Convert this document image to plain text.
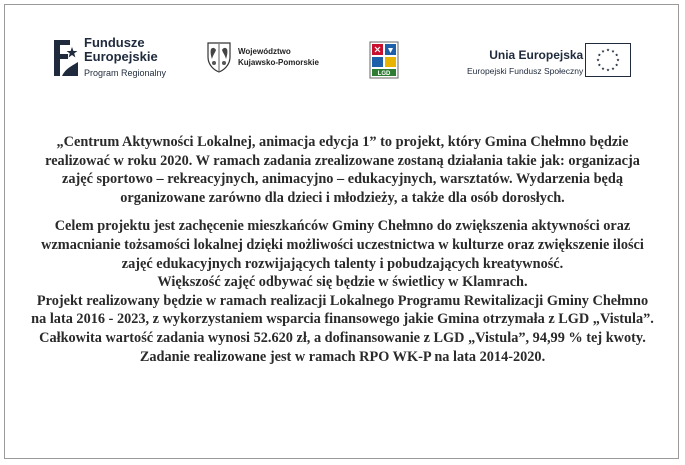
Fundusze
Europejskie
Program Regionalny
Województwo
Kujawsko-Pomorskie
LGD
Unia Europejska
Europejski Fundusz Społeczny

„Centrum Aktywności Lokalnej, animacja edycja 1” to projekt, który Gmina Chełmno będzie realizować w roku 2020. W ramach zadania zrealizowane zostaną działania takie jak: organizacja zajęć sportowo – rekreacyjnych, animacyjno – edukacyjnych, warsztatów. Wydarzenia będą organizowane zarówno dla dzieci i młodzieży, a także dla osób dorosłych.

Celem projektu jest zachęcenie mieszkańców Gminy Chełmno do zwiększenia aktywności oraz wzmacnianie tożsamości lokalnej dzięki możliwości uczestnictwa w kulturze oraz zwiększenie ilości zajęć edukacyjnych rozwijających talenty i pobudzających kreatywność.

Większość zajęć odbywać się będzie w świetlicy w Klamrach.

Projekt realizowany będzie w ramach realizacji Lokalnego Programu Rewitalizacji Gminy Chełmno na lata 2016 - 2023, z wykorzystaniem wsparcia finansowego jakie Gmina otrzymała z LGD „Vistula”. Całkowita wartość zadania wynosi 52.620 zł, a dofinansowanie z LGD „Vistula”, 94,99 % tej kwoty.

Zadanie realizowane jest w ramach RPO WK-P na lata 2014-2020.
